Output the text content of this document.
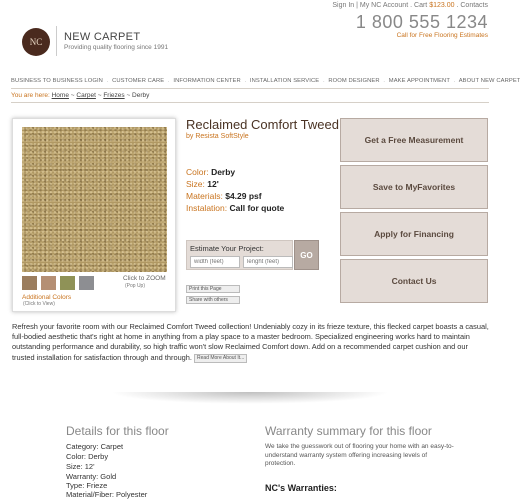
Sign In | My NC Account . Cart $123.00 . Contacts
1 800 555 1234
Call for Free Flooring Estimates
NC	NEW CARPET
Providing quality flooring since 1991
BUSINESS TO BUSINESS LOGIN . CUSTOMER CARE . INFORMATION CENTER . INSTALLATION SERVICE . ROOM DESIGNER . MAKE APPOINTMENT . ABOUT NEW CARPET
You are here: Home ~ Carpet ~ Friezes ~ Derby
Additional Colors
(Click to View)
Click to ZOOM
(Pop Up)
Reclaimed Comfort Tweed
by Resista SoftStyle
Color: Derby
Size: 12'
Materials: $4.29 psf
Instalation: Call for quote
Estimate Your Project:
width (feet)
lenght (feet)
GO
Print this Page
Share with others
Get a Free Measurement
Save to MyFavorites
Apply for Financing
Contact Us
Refresh your favorite room with our Reclaimed Comfort Tweed collection! Undeniably cozy in its frieze texture, this flecked carpet boasts a casual, full-bodied aesthetic that's right at home in anything from a play space to a master bedroom. Specialized engineering works hard to maintain outstanding performance and durability, so high traffic won't slow Reclaimed Comfort down. Add on a recommended carpet cushion and our trusted installation for satisfaction through and through. Read More About It...
Details for this floor
Category: Carpet
Color: Derby
Size: 12'
Warranty: Gold
Type: Frieze
Material/Fiber: Polyester
Warranty summary for this floor
We take the guesswork out of flooring your home with an easy-to-understand warranty system offering increasing levels of protection.
NC's Warranties:
